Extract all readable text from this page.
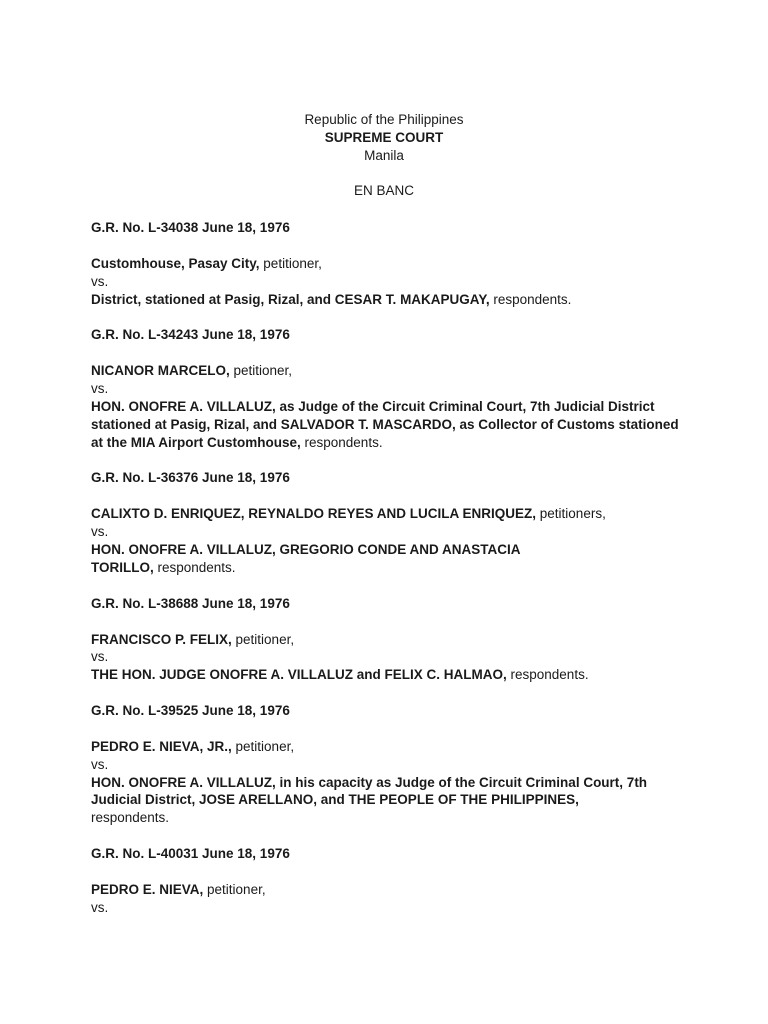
Republic of the Philippines
SUPREME COURT
Manila
EN BANC
G.R. No. L-34038 June 18, 1976
Customhouse, Pasay City, petitioner,
vs.
District, stationed at Pasig, Rizal, and CESAR T. MAKAPUGAY, respondents.
G.R. No. L-34243 June 18, 1976
NICANOR MARCELO, petitioner,
vs.
HON. ONOFRE A. VILLALUZ, as Judge of the Circuit Criminal Court, 7th Judicial District stationed at Pasig, Rizal, and SALVADOR T. MASCARDO, as Collector of Customs stationed at the MIA Airport Customhouse, respondents.
G.R. No. L-36376 June 18, 1976
CALIXTO D. ENRIQUEZ, REYNALDO REYES AND LUCILA ENRIQUEZ, petitioners,
vs.
HON. ONOFRE A. VILLALUZ, GREGORIO CONDE AND ANASTACIA TORILLO, respondents.
G.R. No. L-38688 June 18, 1976
FRANCISCO P. FELIX, petitioner,
vs.
THE HON. JUDGE ONOFRE A. VILLALUZ and FELIX C. HALMAO, respondents.
G.R. No. L-39525 June 18, 1976
PEDRO E. NIEVA, JR., petitioner,
vs.
HON. ONOFRE A. VILLALUZ, in his capacity as Judge of the Circuit Criminal Court, 7th Judicial District, JOSE ARELLANO, and THE PEOPLE OF THE PHILIPPINES, respondents.
G.R. No. L-40031 June 18, 1976
PEDRO E. NIEVA, petitioner,
vs.
